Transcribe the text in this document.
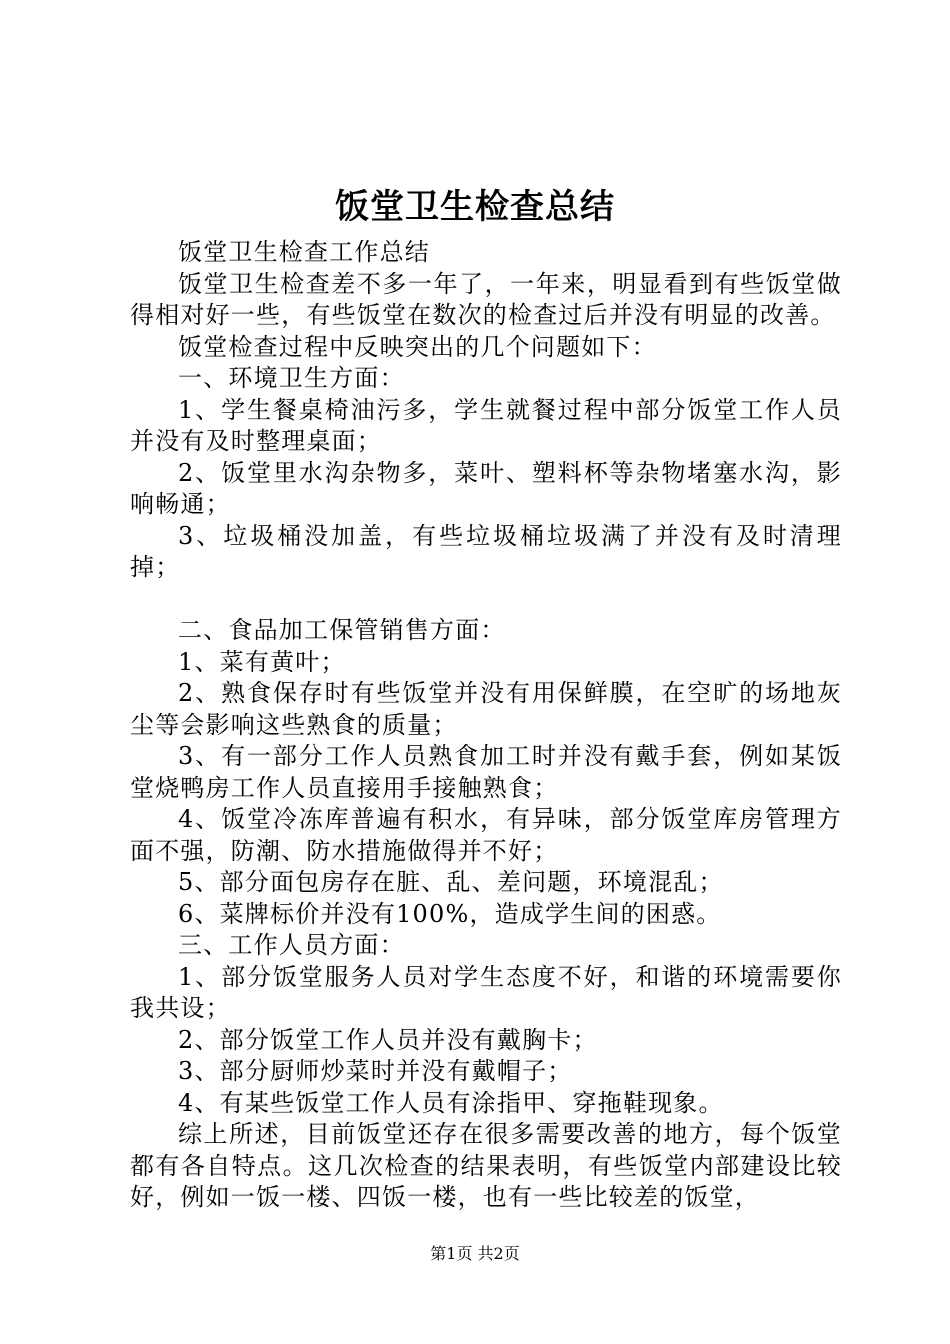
饭堂卫生检查总结

饭堂卫生检查工作总结

饭堂卫生检查差不多一年了，一年来，明显看到有些饭堂做得相对好一些，有些饭堂在数次的检查过后并没有明显的改善。

饭堂检查过程中反映突出的几个问题如下：

一、环境卫生方面：

1、学生餐桌椅油污多，学生就餐过程中部分饭堂工作人员并没有及时整理桌面；

2、饭堂里水沟杂物多，菜叶、塑料杯等杂物堵塞水沟，影响畅通；

3、垃圾桶没加盖，有些垃圾桶垃圾满了并没有及时清理掉；

二、食品加工保管销售方面：

1、菜有黄叶；

2、熟食保存时有些饭堂并没有用保鲜膜，在空旷的场地灰尘等会影响这些熟食的质量；

3、有一部分工作人员熟食加工时并没有戴手套，例如某饭堂烧鸭房工作人员直接用手接触熟食；

4、饭堂冷冻库普遍有积水，有异味，部分饭堂库房管理方面不强，防潮、防水措施做得并不好；

5、部分面包房存在脏、乱、差问题，环境混乱；

6、菜牌标价并没有100%，造成学生间的困惑。

三、工作人员方面：

1、部分饭堂服务人员对学生态度不好，和谐的环境需要你我共设；

2、部分饭堂工作人员并没有戴胸卡；

3、部分厨师炒菜时并没有戴帽子；

4、有某些饭堂工作人员有涂指甲、穿拖鞋现象。

综上所述，目前饭堂还存在很多需要改善的地方，每个饭堂都有各自特点。这几次检查的结果表明，有些饭堂内部建设比较好，例如一饭一楼、四饭一楼，也有一些比较差的饭堂，

第1页 共2页
